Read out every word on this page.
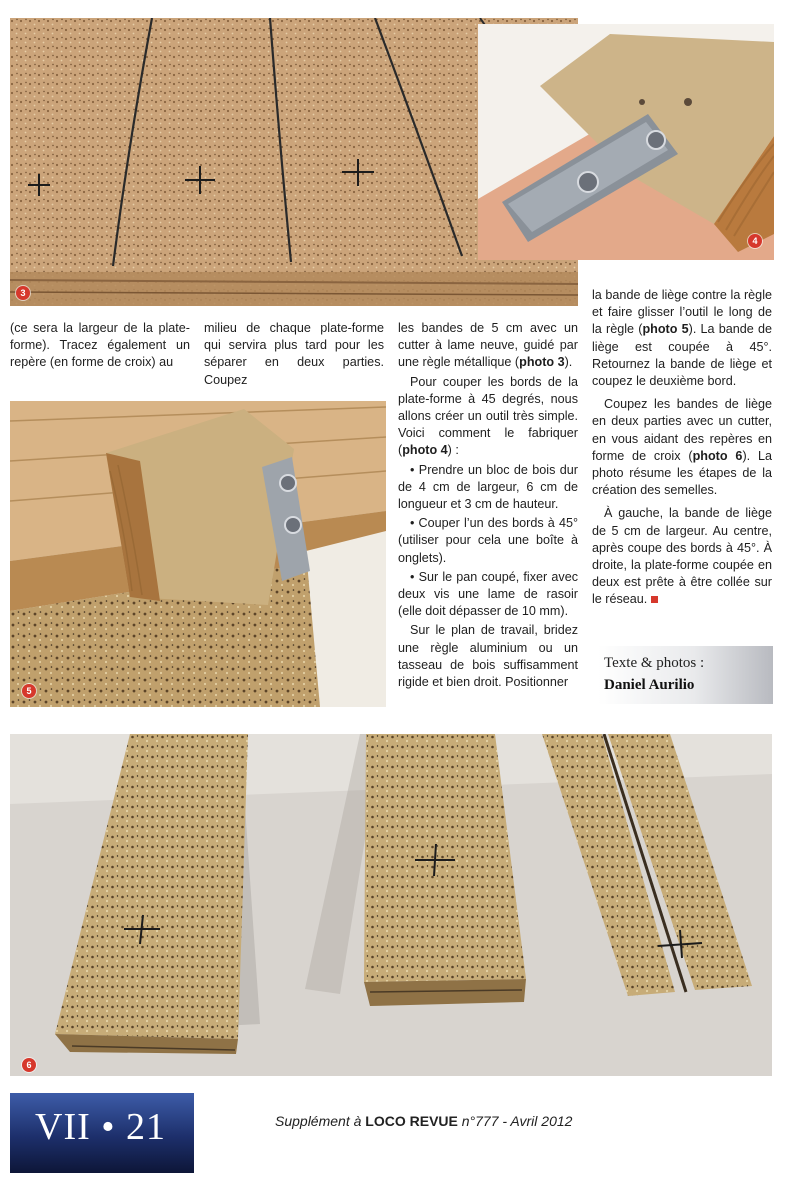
3
4
5
6

(ce sera la largeur de la plate-forme). Tracez également un repère (en forme de croix) au

milieu de chaque plate-forme qui servira plus tard pour les séparer en deux parties. Coupez

les bandes de 5 cm avec un cutter à lame neuve, guidé par une règle métallique (photo 3).

Pour couper les bords de la plate-forme à 45 degrés, nous allons créer un outil très simple. Voici comment le fabriquer (photo 4) :

• Prendre un bloc de bois dur de 4 cm de largeur, 6 cm de longueur et 3 cm de hauteur.

• Couper l’un des bords à 45° (utiliser pour cela une boîte à onglets).

• Sur le pan coupé, fixer avec deux vis une lame de rasoir (elle doit dépasser de 10 mm).

Sur le plan de travail, bridez une règle aluminium ou un tasseau de bois suffisamment rigide et bien droit. Positionner

la bande de liège contre la règle et faire glisser l’outil le long de la règle (photo 5). La bande de liège est coupée à 45°. Retournez la bande de liège et coupez le deuxième bord.

Coupez les bandes de liège en deux parties avec un cutter, en vous aidant des repères en forme de croix (photo 6). La photo résume les étapes de la création des semelles.

À gauche, la bande de liège de 5 cm de largeur. Au centre, après coupe des bords à 45°. À droite, la plate-forme coupée en deux est prête à être collée sur le réseau.

Texte & photos :
Daniel Aurilio
VII • 21	Supplément à LOCO REVUE n°777 - Avril 2012
